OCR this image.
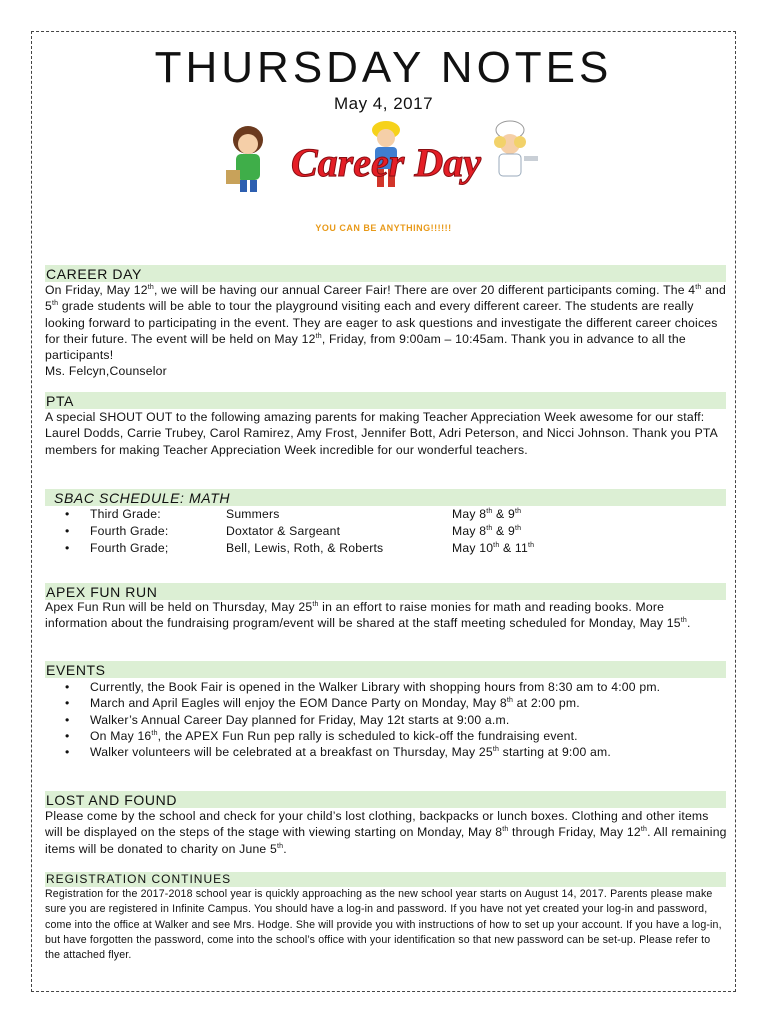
THURSDAY NOTES
May 4, 2017
Career Day
YOU CAN BE ANYTHING!!!!!!
CAREER DAY
On Friday, May 12th, we will be having our annual Career Fair! There are over 20 different participants coming. The 4th and 5th grade students will be able to tour the playground visiting each and every different career. The students are really looking forward to participating in the event. They are eager to ask questions and investigate the different career choices for their future. The event will be held on May 12th, Friday, from 9:00am – 10:45am. Thank you in advance to all the participants!
Ms. Felcyn,Counselor
PTA
A special SHOUT OUT to the following amazing parents for making Teacher Appreciation Week awesome for our staff: Laurel Dodds, Carrie Trubey, Carol Ramirez, Amy Frost, Jennifer Bott, Adri Peterson, and Nicci Johnson. Thank you PTA members for making Teacher Appreciation Week incredible for our wonderful teachers.
SBAC SCHEDULE: MATH
• Third Grade:	Summers	May 8th & 9th
• Fourth Grade:	Doxtator & Sargeant	May 8th & 9th
• Fourth Grade;	Bell, Lewis, Roth, & Roberts	May 10th & 11th
APEX FUN RUN
Apex Fun Run will be held on Thursday, May 25th in an effort to raise monies for math and reading books. More information about the fundraising program/event will be shared at the staff meeting scheduled for Monday, May 15th.
EVENTS
• Currently, the Book Fair is opened in the Walker Library with shopping hours from 8:30 am to 4:00 pm.
• March and April Eagles will enjoy the EOM Dance Party on Monday, May 8th at 2:00 pm.
• Walker’s Annual Career Day planned for Friday, May 12t starts at 9:00 a.m.
• On May 16th, the APEX Fun Run pep rally is scheduled to kick-off the fundraising event.
• Walker volunteers will be celebrated at a breakfast on Thursday, May 25th starting at 9:00 am.
LOST AND FOUND
Please come by the school and check for your child’s lost clothing, backpacks or lunch boxes. Clothing and other items will be displayed on the steps of the stage with viewing starting on Monday, May 8th through Friday, May 12th. All remaining items will be donated to charity on June 5th.
REGISTRATION CONTINUES
Registration for the 2017-2018 school year is quickly approaching as the new school year starts on August 14, 2017. Parents please make sure you are registered in Infinite Campus. You should have a log-in and password. If you have not yet created your log-in and password, come into the office at Walker and see Mrs. Hodge. She will provide you with instructions of how to set up your account. If you have a log-in, but have forgotten the password, come into the school’s office with your identification so that new password can be set-up. Please refer to the attached flyer.
